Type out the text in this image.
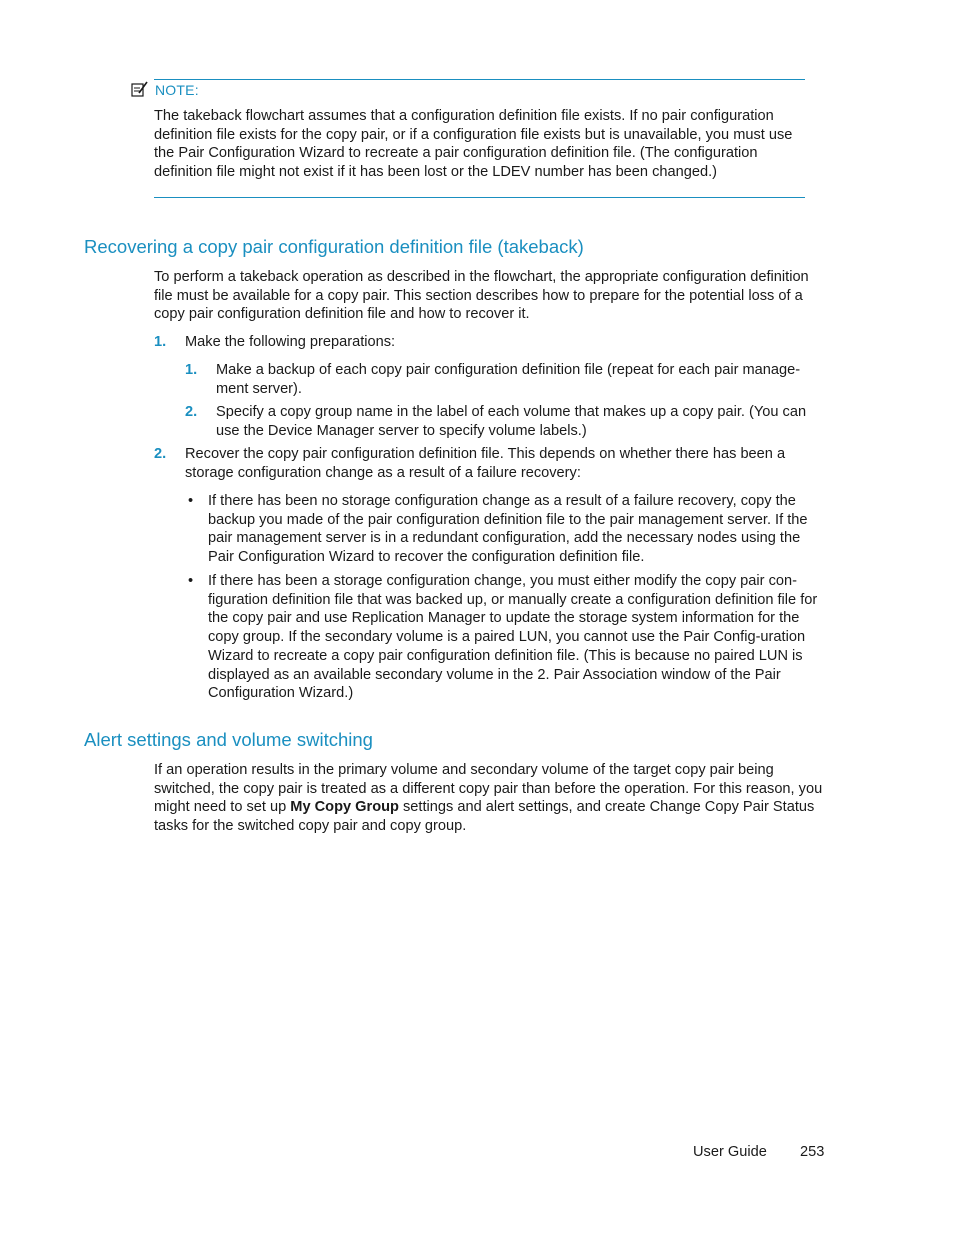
NOTE:
The takeback flowchart assumes that a configuration definition file exists. If no pair configuration definition file exists for the copy pair, or if a configuration file exists but is unavailable, you must use the Pair Configuration Wizard to recreate a pair configuration definition file. (The configuration definition file might not exist if it has been lost or the LDEV number has been changed.)
Recovering a copy pair configuration definition file (takeback)
To perform a takeback operation as described in the flowchart, the appropriate configuration definition file must be available for a copy pair. This section describes how to prepare for the potential loss of a copy pair configuration definition file and how to recover it.
1. Make the following preparations:
1. Make a backup of each copy pair configuration definition file (repeat for each pair manage-ment server).
2. Specify a copy group name in the label of each volume that makes up a copy pair. (You can use the Device Manager server to specify volume labels.)
2. Recover the copy pair configuration definition file. This depends on whether there has been a storage configuration change as a result of a failure recovery:
• If there has been no storage configuration change as a result of a failure recovery, copy the backup you made of the pair configuration definition file to the pair management server. If the pair management server is in a redundant configuration, add the necessary nodes using the Pair Configuration Wizard to recover the configuration definition file.
• If there has been a storage configuration change, you must either modify the copy pair con-figuration definition file that was backed up, or manually create a configuration definition file for the copy pair and use Replication Manager to update the storage system information for the copy group. If the secondary volume is a paired LUN, you cannot use the Pair Config-uration Wizard to recreate a copy pair configuration definition file. (This is because no paired LUN is displayed as an available secondary volume in the 2. Pair Association window of the Pair Configuration Wizard.)
Alert settings and volume switching
If an operation results in the primary volume and secondary volume of the target copy pair being switched, the copy pair is treated as a different copy pair than before the operation. For this reason, you might need to set up My Copy Group settings and alert settings, and create Change Copy Pair Status tasks for the switched copy pair and copy group.
User Guide 253
